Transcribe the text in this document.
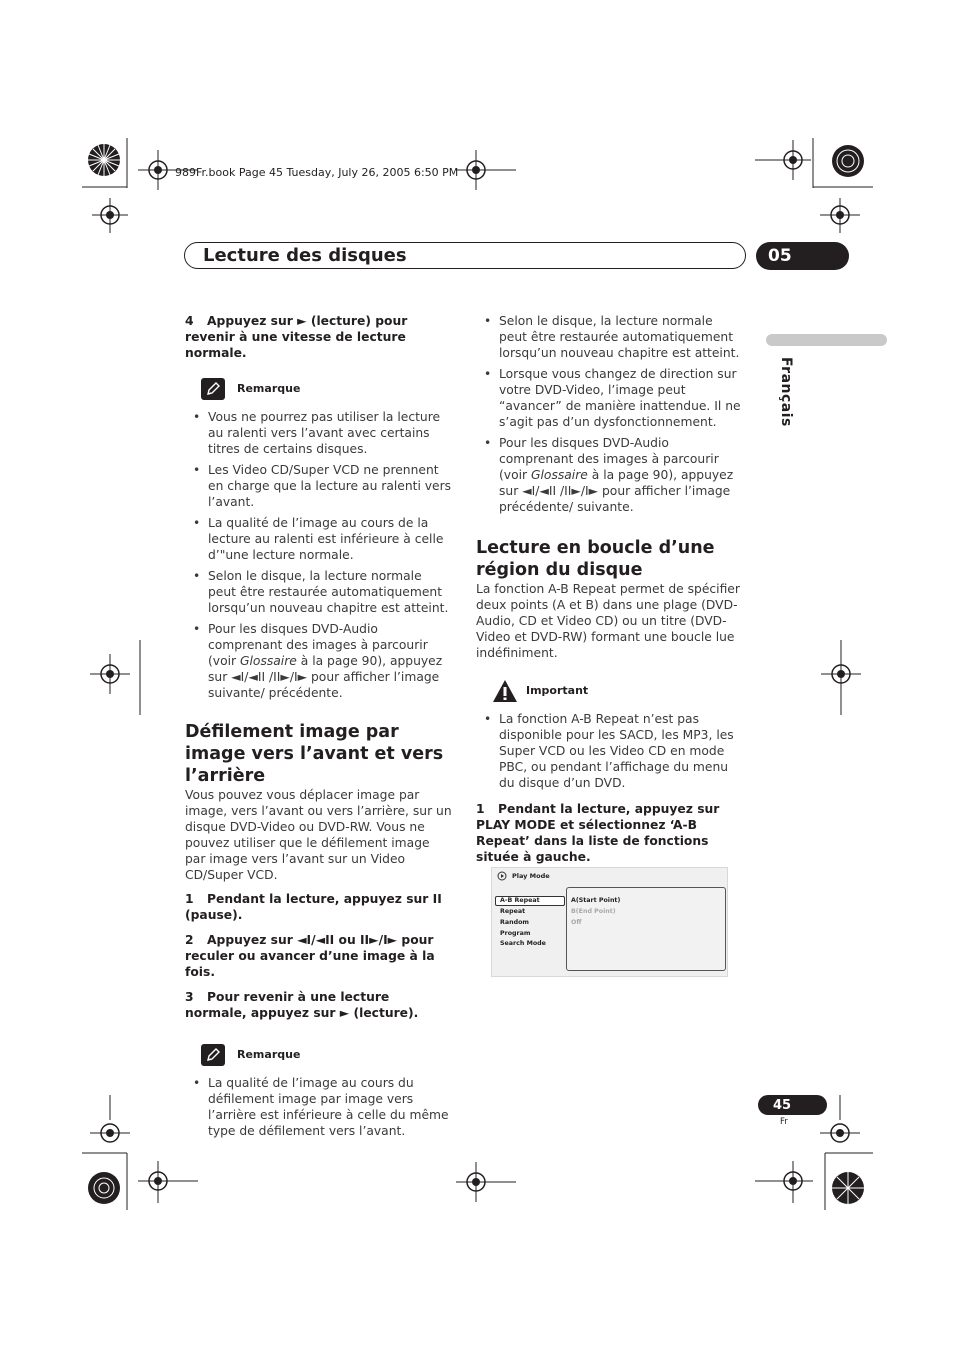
989Fr.book Page 45 Tuesday, July 26, 2005 6:50 PM
Lecture des disques	05
Français

4 Appuyez sur ► (lecture) pour revenir à une vitesse de lecture normale.

Remarque
• Vous ne pourrez pas utiliser la lecture au ralenti vers l’avant avec certains titres de certains disques.
• Les Video CD/Super VCD ne prennent en charge que la lecture au ralenti vers l’avant.
• La qualité de l’image au cours de la lecture au ralenti est inférieure à celle d’"une lecture normale.
• Selon le disque, la lecture normale peut être restaurée automatiquement lorsqu’un nouveau chapitre est atteint.
• Pour les disques DVD-Audio comprenant des images à parcourir (voir Glossaire à la page 90), appuyez sur ◄I/◄II /II►/I► pour afficher l’image suivante/ précédente.
Défilement image par image vers l’avant et vers l’arrière

Vous pouvez vous déplacer image par image, vers l’avant ou vers l’arrière, sur un disque DVD-Video ou DVD-RW. Vous ne pouvez utiliser que le défilement image par image vers l’avant sur un Video CD/Super VCD.

1 Pendant la lecture, appuyez sur II (pause).

2 Appuyez sur ◄I/◄II ou II►/I► pour reculer ou avancer d’une image à la fois.

3 Pour revenir à une lecture normale, appuyez sur ► (lecture).

Remarque
• La qualité de l’image au cours du défilement image par image vers l’arrière est inférieure à celle du même type de défilement vers l’avant.
• Selon le disque, la lecture normale peut être restaurée automatiquement lorsqu’un nouveau chapitre est atteint.
• Lorsque vous changez de direction sur votre DVD-Video, l’image peut “avancer” de manière inattendue. Il ne s’agit pas d’un dysfonctionnement.
• Pour les disques DVD-Audio comprenant des images à parcourir (voir Glossaire à la page 90), appuyez sur ◄I/◄II /II►/I► pour afficher l’image précédente/ suivante.
Lecture en boucle d’une région du disque

La fonction A-B Repeat permet de spécifier deux points (A et B) dans une plage (DVD-Audio, CD et Video CD) ou un titre (DVD-Video et DVD-RW) formant une boucle lue indéfiniment.

Important
• La fonction A-B Repeat n’est pas disponible pour les SACD, les MP3, les Super VCD ou les Video CD en mode PBC, ou pendant l’affichage du menu du disque d’un DVD.

1 Pendant la lecture, appuyez sur PLAY MODE et sélectionnez ‘A-B Repeat’ dans la liste de fonctions située à gauche.

Play Mode
A-B Repeat
Repeat
Random
Program
Search Mode
A(Start Point)
B(End Point)
Off
45
Fr
